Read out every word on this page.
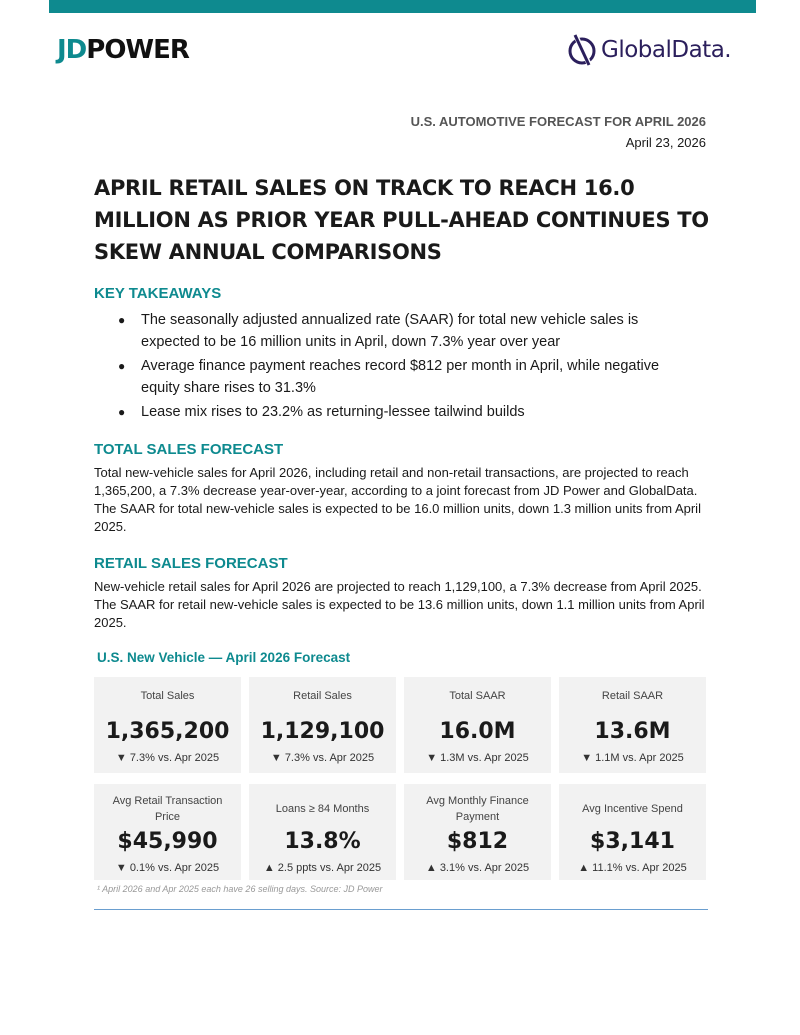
JDPOWER	GlobalData.
U.S. AUTOMOTIVE FORECAST FOR APRIL 2026
April 23, 2026
APRIL RETAIL SALES ON TRACK TO REACH 16.0 MILLION AS PRIOR YEAR PULL-AHEAD CONTINUES TO SKEW ANNUAL COMPARISONS
KEY TAKEAWAYS
● The seasonally adjusted annualized rate (SAAR) for total new vehicle sales is expected to be 16 million units in April, down 7.3% year over year
● Average finance payment reaches record $812 per month in April, while negative equity share rises to 31.3%
● Lease mix rises to 23.2% as returning-lessee tailwind builds
TOTAL SALES FORECAST

Total new-vehicle sales for April 2026, including retail and non-retail transactions, are projected to reach 1,365,200, a 7.3% decrease year-over-year, according to a joint forecast from JD Power and GlobalData. The SAAR for total new-vehicle sales is expected to be 16.0 million units, down 1.3 million units from April 2025.

RETAIL SALES FORECAST

New-vehicle retail sales for April 2026 are projected to reach 1,129,100, a 7.3% decrease from April 2025. The SAAR for retail new-vehicle sales is expected to be 13.6 million units, down 1.1 million units from April 2025.

U.S. New Vehicle — April 2026 Forecast
Total Sales
1,365,200
▼ 7.3% vs. Apr 2025
Retail Sales
1,129,100
▼ 7.3% vs. Apr 2025
Total SAAR
16.0M
▼ 1.3M vs. Apr 2025
Retail SAAR
13.6M
▼ 1.1M vs. Apr 2025
Avg Retail Transaction Price
$45,990
▼ 0.1% vs. Apr 2025
Loans ≥ 84 Months
13.8%
▲ 2.5 ppts vs. Apr 2025
Avg Monthly Finance Payment
$812
▲ 3.1% vs. Apr 2025
Avg Incentive Spend
$3,141
▲ 11.1% vs. Apr 2025
¹ April 2026 and Apr 2025 each have 26 selling days. Source: JD Power
